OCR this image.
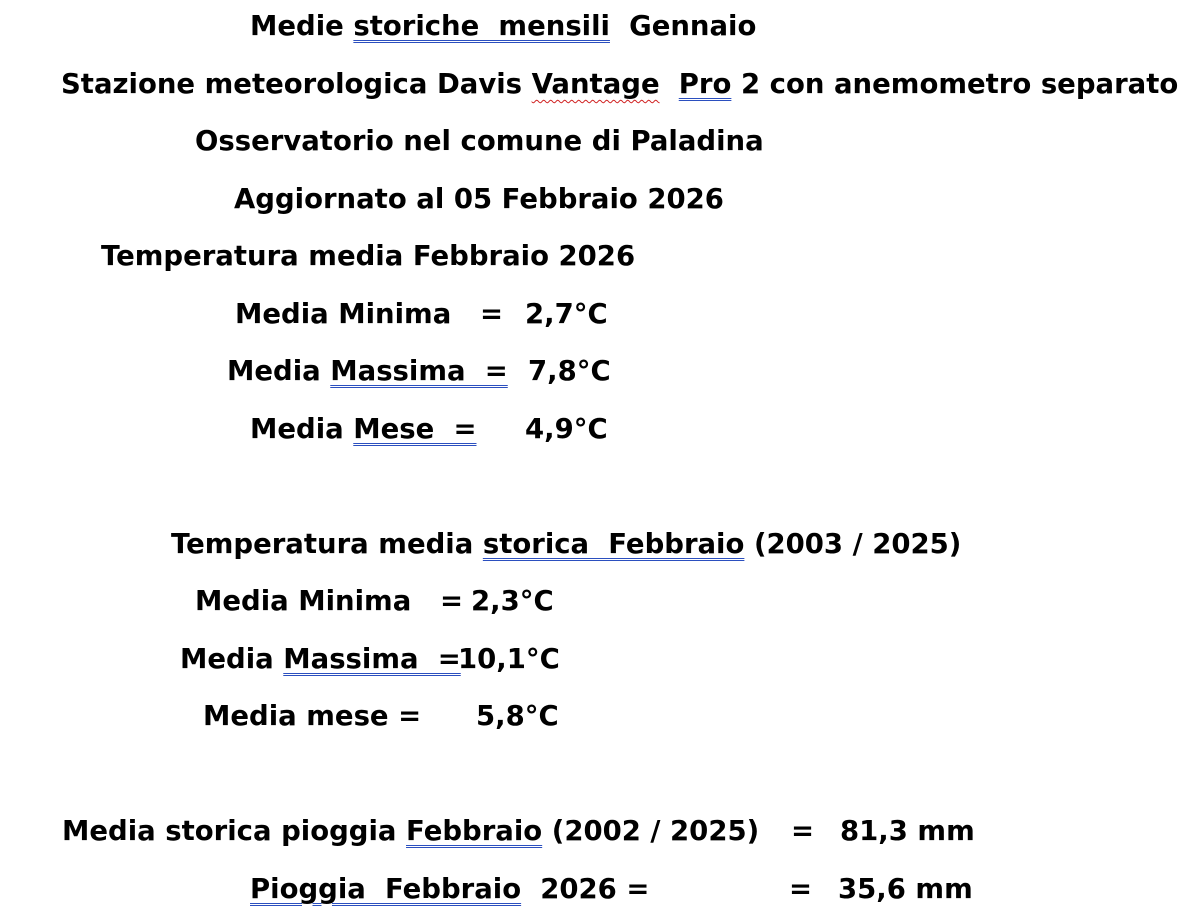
Medie storiche  mensili  Gennaio
Stazione meteorologica Davis Vantage Pro 2 con anemometro separato
Osservatorio nel comune di Paladina
Aggiornato al 05 Febbraio 2026
Temperatura media Febbraio 2026
Media Minima   = 2,7°C
Media Massima  = 7,8°C
Media Mese  = 4,9°C
Temperatura media storica  Febbraio (2003 / 2025)
Media Minima   = 2,3°C
Media Massima  =
10,1°C
Media mese = 5,8°C
Media storica pioggia Febbraio (2002 / 2025) = 81,3 mm
Pioggia  Febbraio  2026 =	= 35,6 mm
